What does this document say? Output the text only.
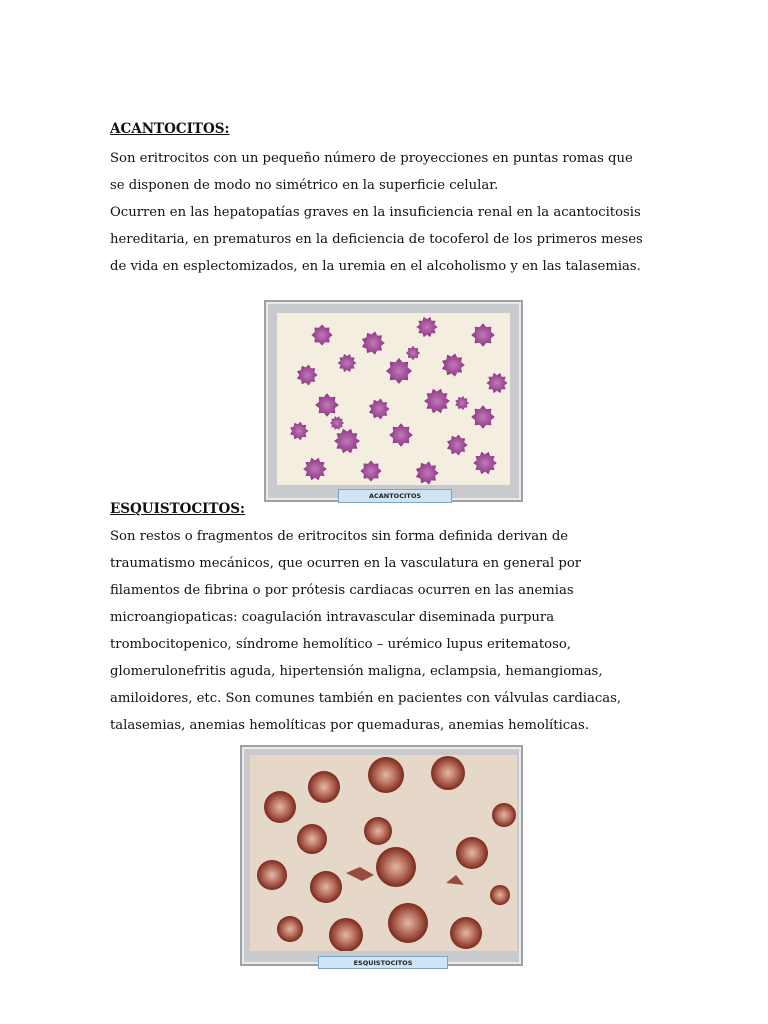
ACANTOCITOS:

Son eritrocitos con un pequeño número de proyecciones en puntas romas que
se disponen de modo no simétrico en la superficie celular.

Ocurren en las hepatopatías graves en la insuficiencia renal en la acantocitosis
hereditaria, en prematuros en la deficiencia de tocoferol de los primeros meses
de vida en esplectomizados, en la uremia en el alcoholismo y en las talasemias.

ACANTOCITOS
ESQUISTOCITOS:

Son restos o fragmentos de eritrocitos sin forma definida derivan de
traumatismo mecánicos, que ocurren en la vasculatura en general por
filamentos de fibrina o por prótesis cardiacas ocurren en las anemias
microangiopaticas: coagulación intravascular diseminada purpura
trombocitopenico, síndrome hemolítico – urémico lupus eritematoso,
glomerulonefritis aguda, hipertensión maligna, eclampsia, hemangiomas,
amiloidores, etc. Son comunes también en pacientes con válvulas cardiacas,
talasemias, anemias hemolíticas por quemaduras, anemias hemolíticas.

ESQUISTOCITOS
